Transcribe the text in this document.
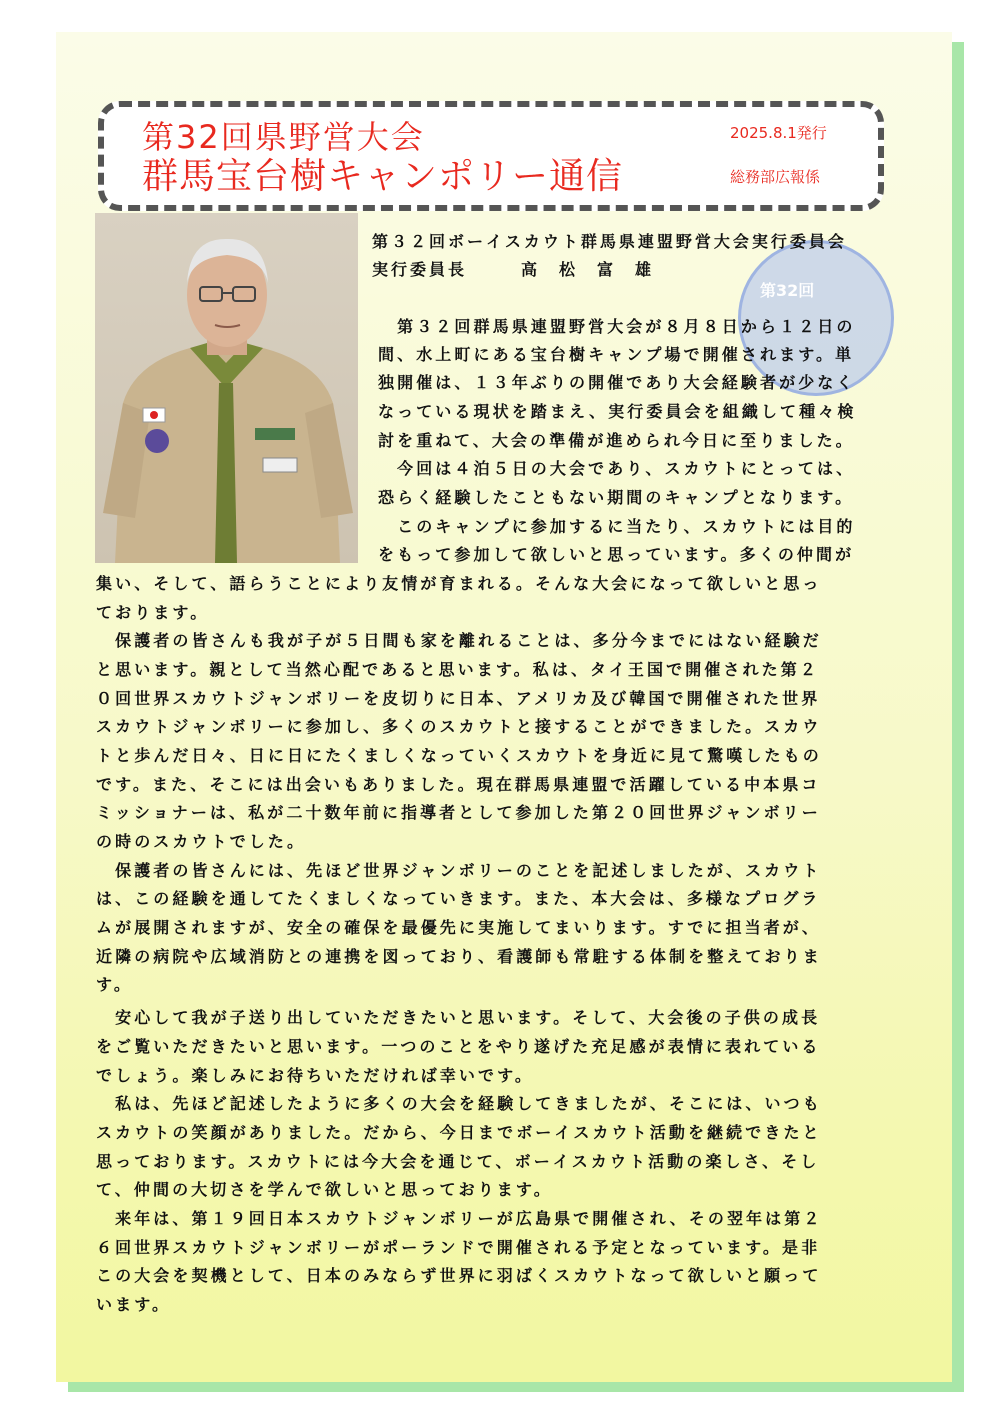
第32回県野営大会
群馬宝台樹キャンポリー通信
2025.8.1発行
総務部広報係
第32回
第３２回ボーイスカウト群馬県連盟野営大会実行委員会
実行委員長	高　松　富　雄
　第３２回群馬県連盟野営大会が８月８日から１２日の
間、水上町にある宝台樹キャンプ場で開催されます。単
独開催は、１３年ぶりの開催であり大会経験者が少なく
なっている現状を踏まえ、実行委員会を組織して種々検
討を重ねて、大会の準備が進められ今日に至りました。
　今回は４泊５日の大会であり、スカウトにとっては、
恐らく経験したこともない期間のキャンプとなります。
　このキャンプに参加するに当たり、スカウトには目的
をもって参加して欲しいと思っています。多くの仲間が
集い、そして、語らうことにより友情が育まれる。そんな大会になって欲しいと思っ
ております。
　保護者の皆さんも我が子が５日間も家を離れることは、多分今までにはない経験だ
と思います。親として当然心配であると思います。私は、タイ王国で開催された第２
０回世界スカウトジャンボリーを皮切りに日本、アメリカ及び韓国で開催された世界
スカウトジャンボリーに参加し、多くのスカウトと接することができました。スカウ
トと歩んだ日々、日に日にたくましくなっていくスカウトを身近に見て驚嘆したもの
です。また、そこには出会いもありました。現在群馬県連盟で活躍している中本県コ
ミッショナーは、私が二十数年前に指導者として参加した第２０回世界ジャンボリー
の時のスカウトでした。
　保護者の皆さんには、先ほど世界ジャンボリーのことを記述しましたが、スカウト
は、この経験を通してたくましくなっていきます。また、本大会は、多様なプログラ
ムが展開されますが、安全の確保を最優先に実施してまいります。すでに担当者が、
近隣の病院や広域消防との連携を図っており、看護師も常駐する体制を整えておりま
す。
　安心して我が子送り出していただきたいと思います。そして、大会後の子供の成長
をご覧いただきたいと思います。一つのことをやり遂げた充足感が表情に表れている
でしょう。楽しみにお待ちいただければ幸いです。
　私は、先ほど記述したように多くの大会を経験してきましたが、そこには、いつも
スカウトの笑顔がありました。だから、今日までボーイスカウト活動を継続できたと
思っております。スカウトには今大会を通じて、ボーイスカウト活動の楽しさ、そし
て、仲間の大切さを学んで欲しいと思っております。
　来年は、第１９回日本スカウトジャンボリーが広島県で開催され、その翌年は第２
６回世界スカウトジャンボリーがポーランドで開催される予定となっています。是非
この大会を契機として、日本のみならず世界に羽ばくスカウトなって欲しいと願って
います。
